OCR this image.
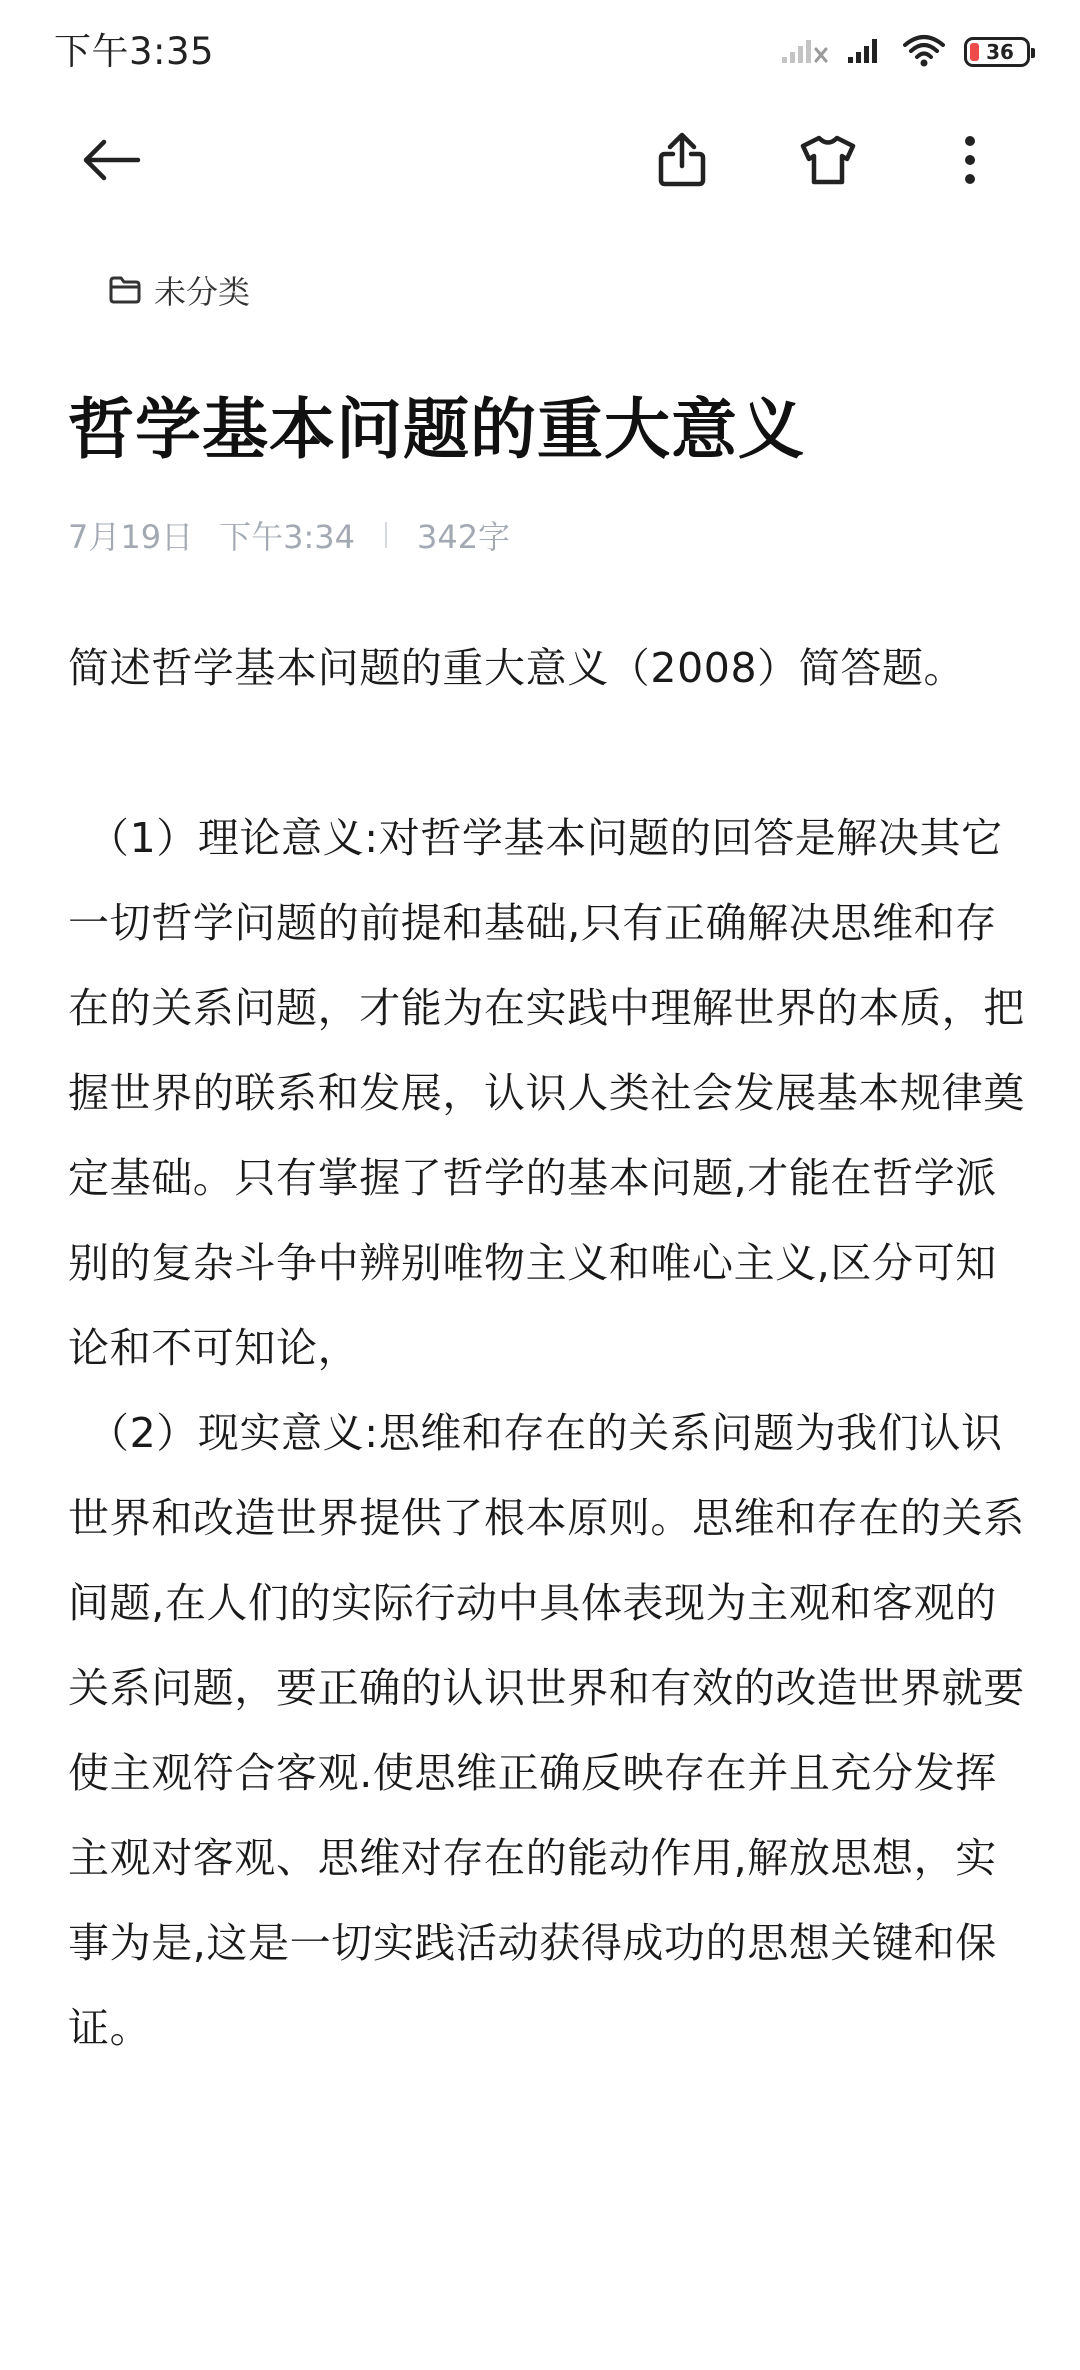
下午3:35	36
未分类
哲学基本问题的重大意义
7月19日 下午3:34 342字

简述哲学基本问题的重大意义（2008）简答题。

（1）理论意义:对哲学基本问题的回答是解决其它一切哲学问题的前提和基础,只有正确解决思维和存在的关系问题，才能为在实践中理解世界的本质，把握世界的联系和发展，认识人类社会发展基本规律奠定基础。只有掌握了哲学的基本问题,才能在哲学派别的复杂斗争中辨别唯物主义和唯心主义,区分可知论和不可知论，

（2）现实意义:思维和存在的关系问题为我们认识世界和改造世界提供了根本原则。思维和存在的关系间题,在人们的实际行动中具体表现为主观和客观的关系问题，要正确的认识世界和有效的改造世界就要使主观符合客观.使思维正确反映存在并且充分发挥主观对客观、思维对存在的能动作用,解放思想，实事为是,这是一切实践活动获得成功的思想关键和保证。
